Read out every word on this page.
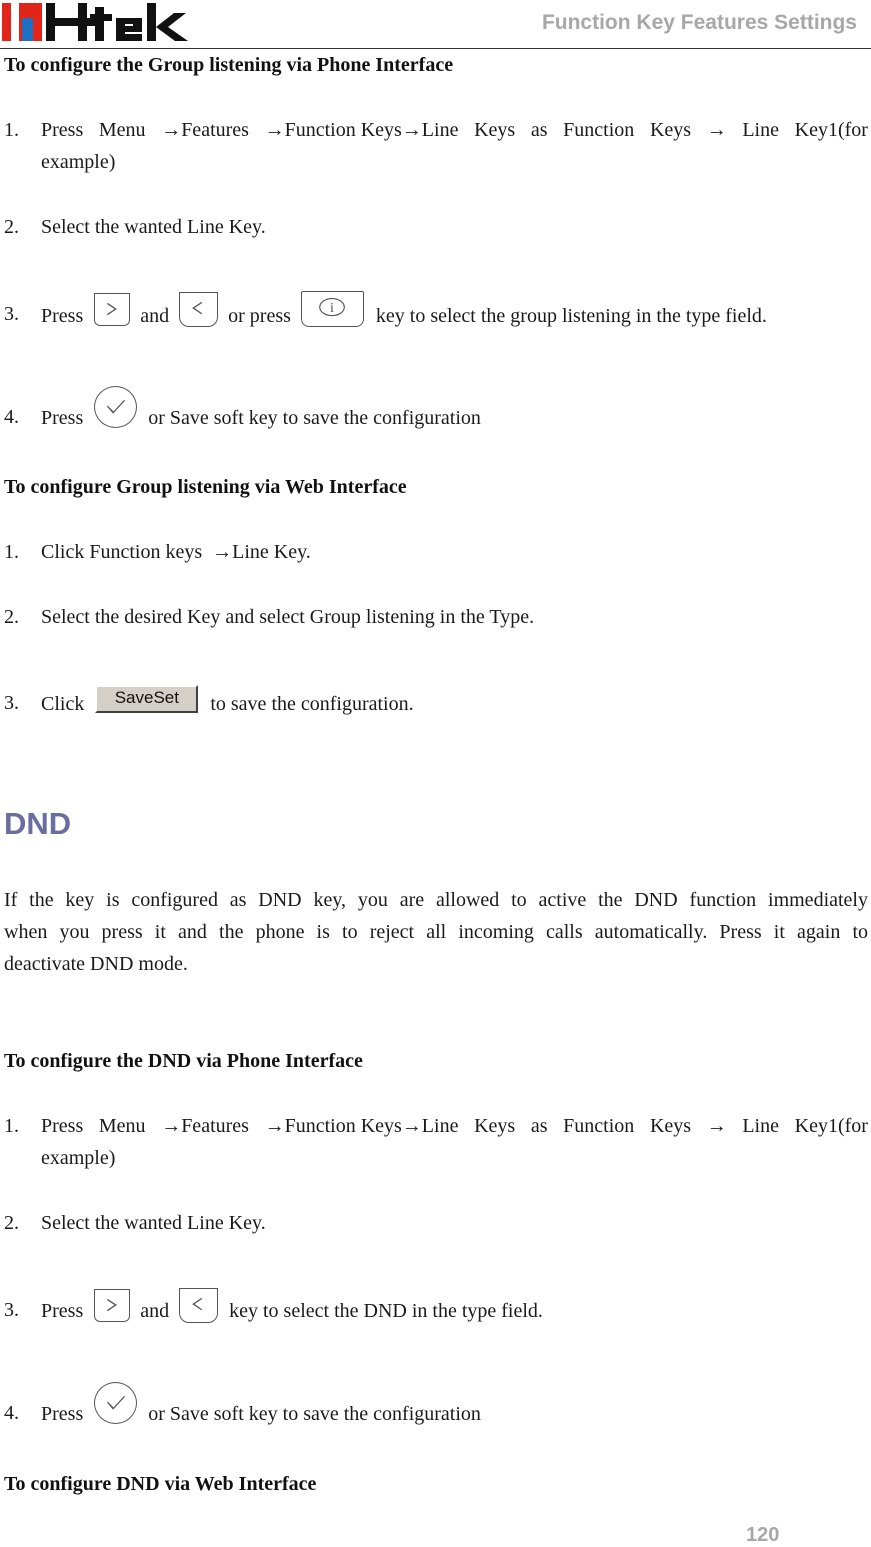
Function Key Features Settings
To configure the Group listening via Phone Interface
1. Press Menu →Features →Function Keys→Line Keys as Function Keys → Line Key1(for
example)
2. Select the wanted Line Key.
3. Press	and	or press	i key to select the group listening in the type field.
4. Press	or Save soft key to save the configuration
To configure Group listening via Web Interface
1. Click Function keys  →Line Key.
2. Select the desired Key and select Group listening in the Type.
3. Click	SaveSet	to save the configuration.
DND
If the key is configured as DND key, you are allowed to active the DND function immediately
when you press it and the phone is to reject all incoming calls automatically. Press it again to
deactivate DND mode.
To configure the DND via Phone Interface
1. Press Menu →Features →Function Keys→Line Keys as Function Keys → Line Key1(for
example)
2. Select the wanted Line Key.
3. Press	and	key to select the DND in the type field.
4. Press	or Save soft key to save the configuration
To configure DND via Web Interface
120
